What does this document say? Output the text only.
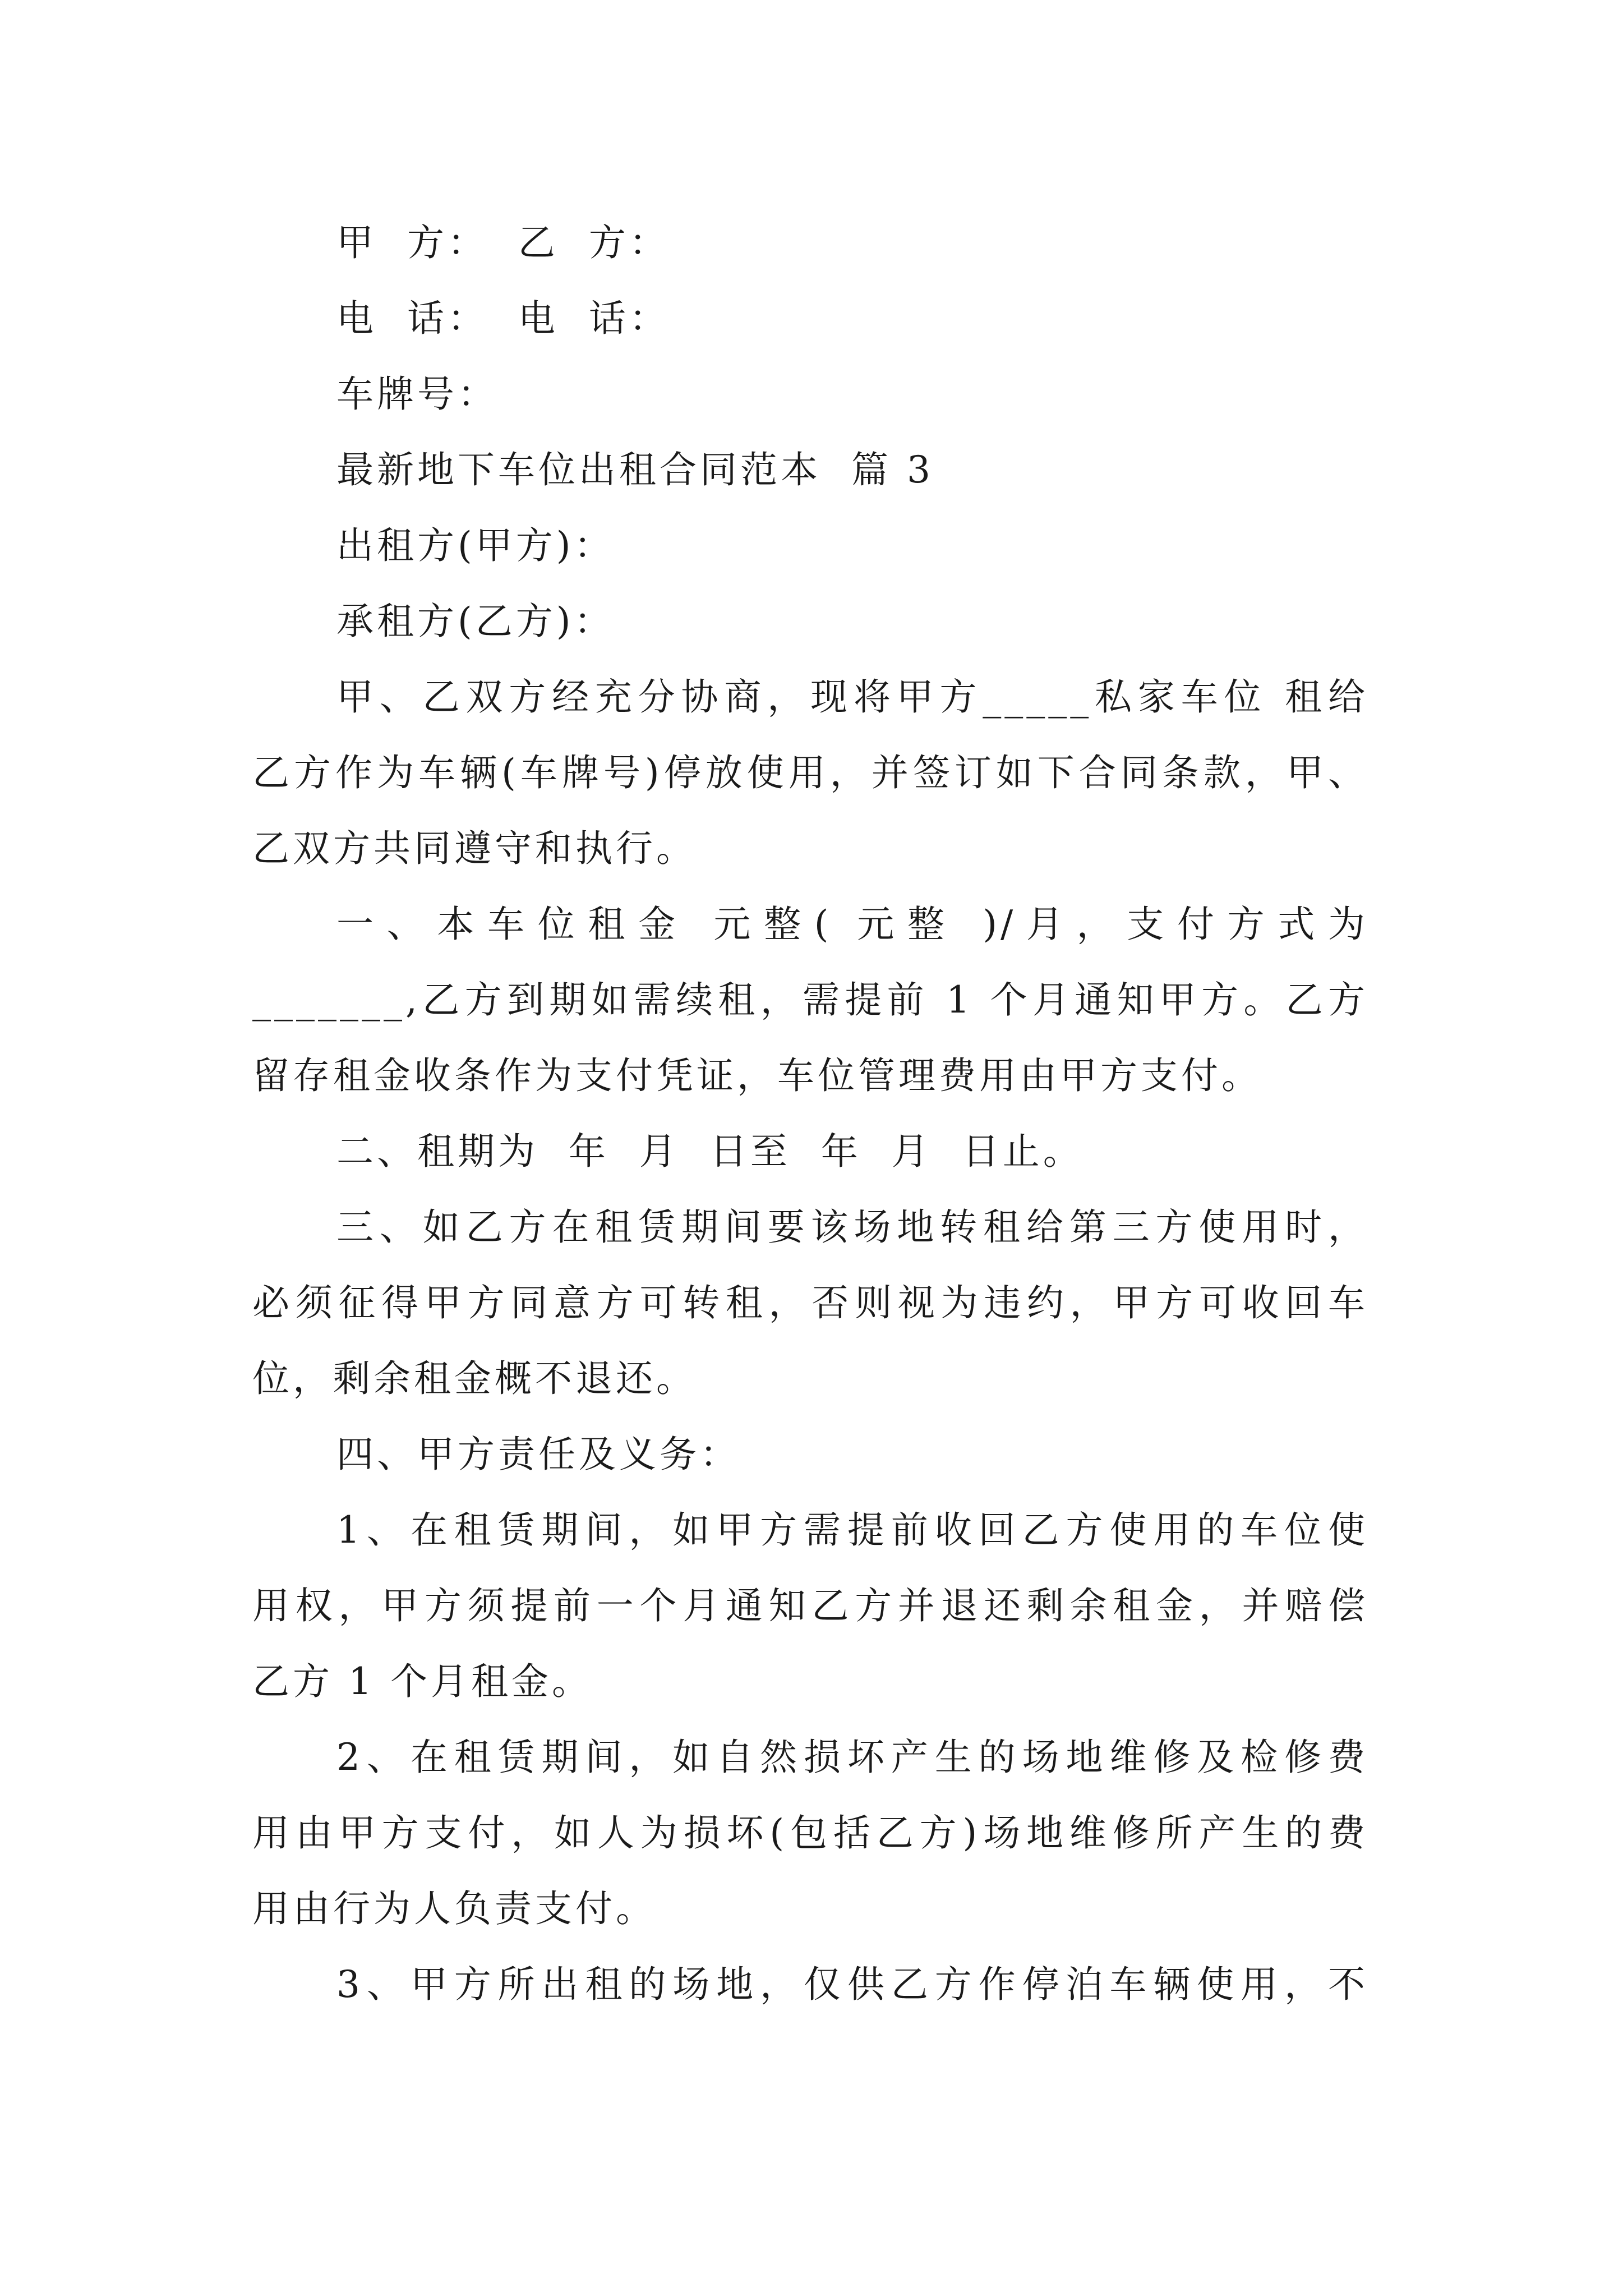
甲  方：  乙  方：
电  话：  电  话：
车牌号：
最新地下车位出租合同范本  篇 3
出租方(甲方)：
承租方(乙方)：
甲、乙双方经充分协商，现将甲方_____私家车位 租给
乙方作为车辆(车牌号)停放使用，并签订如下合同条款，甲、
乙双方共同遵守和执行。
一、本车位租金 元整( 元整 )/月，支付方式为
_______,乙方到期如需续租，需提前 1 个月通知甲方。乙方
留存租金收条作为支付凭证，车位管理费用由甲方支付。
二、租期为  年  月  日至  年  月  日止。
三、如乙方在租赁期间要该场地转租给第三方使用时，
必须征得甲方同意方可转租，否则视为违约，甲方可收回车
位，剩余租金概不退还。
四、甲方责任及义务：
1、在租赁期间，如甲方需提前收回乙方使用的车位使
用权，甲方须提前一个月通知乙方并退还剩余租金，并赔偿
乙方 1 个月租金。
2、在租赁期间，如自然损坏产生的场地维修及检修费
用由甲方支付，如人为损坏(包括乙方)场地维修所产生的费
用由行为人负责支付。
3、甲方所出租的场地，仅供乙方作停泊车辆使用，不
